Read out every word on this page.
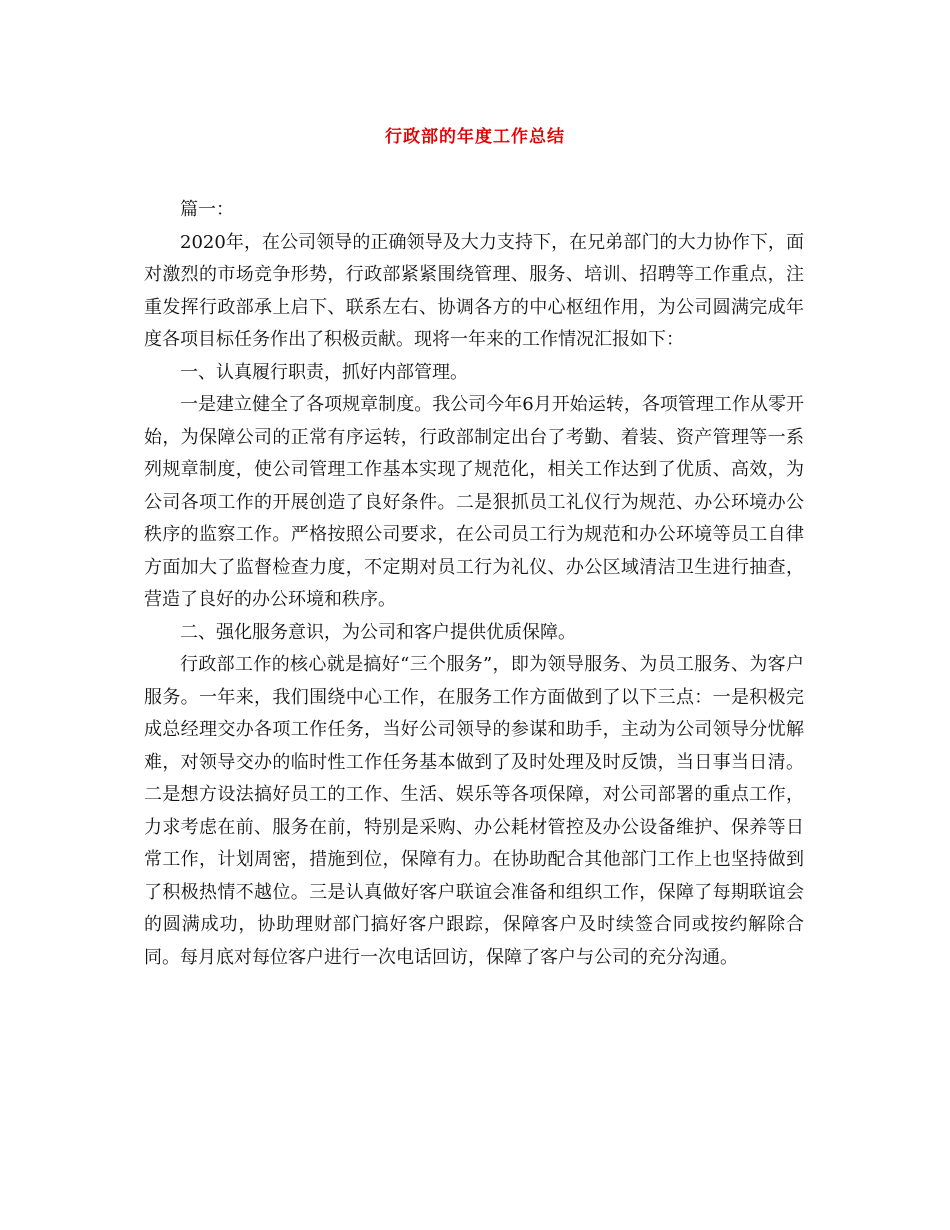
行政部的年度工作总结

篇一：

2020年，在公司领导的正确领导及大力支持下，在兄弟部门的大力协作下，面对激烈的市场竞争形势，行政部紧紧围绕管理、服务、培训、招聘等工作重点，注重发挥行政部承上启下、联系左右、协调各方的中心枢纽作用，为公司圆满完成年度各项目标任务作出了积极贡献。现将一年来的工作情况汇报如下：

一、认真履行职责，抓好内部管理。

一是建立健全了各项规章制度。我公司今年6月开始运转，各项管理工作从零开始，为保障公司的正常有序运转，行政部制定出台了考勤、着装、资产管理等一系列规章制度，使公司管理工作基本实现了规范化，相关工作达到了优质、高效，为公司各项工作的开展创造了良好条件。二是狠抓员工礼仪行为规范、办公环境办公秩序的监察工作。严格按照公司要求，在公司员工行为规范和办公环境等员工自律方面加大了监督检查力度，不定期对员工行为礼仪、办公区域清洁卫生进行抽查，营造了良好的办公环境和秩序。

二、强化服务意识，为公司和客户提供优质保障。

行政部工作的核心就是搞好“三个服务”，即为领导服务、为员工服务、为客户服务。一年来，我们围绕中心工作，在服务工作方面做到了以下三点：一是积极完成总经理交办各项工作任务，当好公司领导的参谋和助手，主动为公司领导分忧解难，对领导交办的临时性工作任务基本做到了及时处理及时反馈，当日事当日清。二是想方设法搞好员工的工作、生活、娱乐等各项保障，对公司部署的重点工作，力求考虑在前、服务在前，特别是采购、办公耗材管控及办公设备维护、保养等日常工作，计划周密，措施到位，保障有力。在协助配合其他部门工作上也坚持做到了积极热情不越位。三是认真做好客户联谊会准备和组织工作，保障了每期联谊会的圆满成功，协助理财部门搞好客户跟踪，保障客户及时续签合同或按约解除合同。每月底对每位客户进行一次电话回访，保障了客户与公司的充分沟通。
